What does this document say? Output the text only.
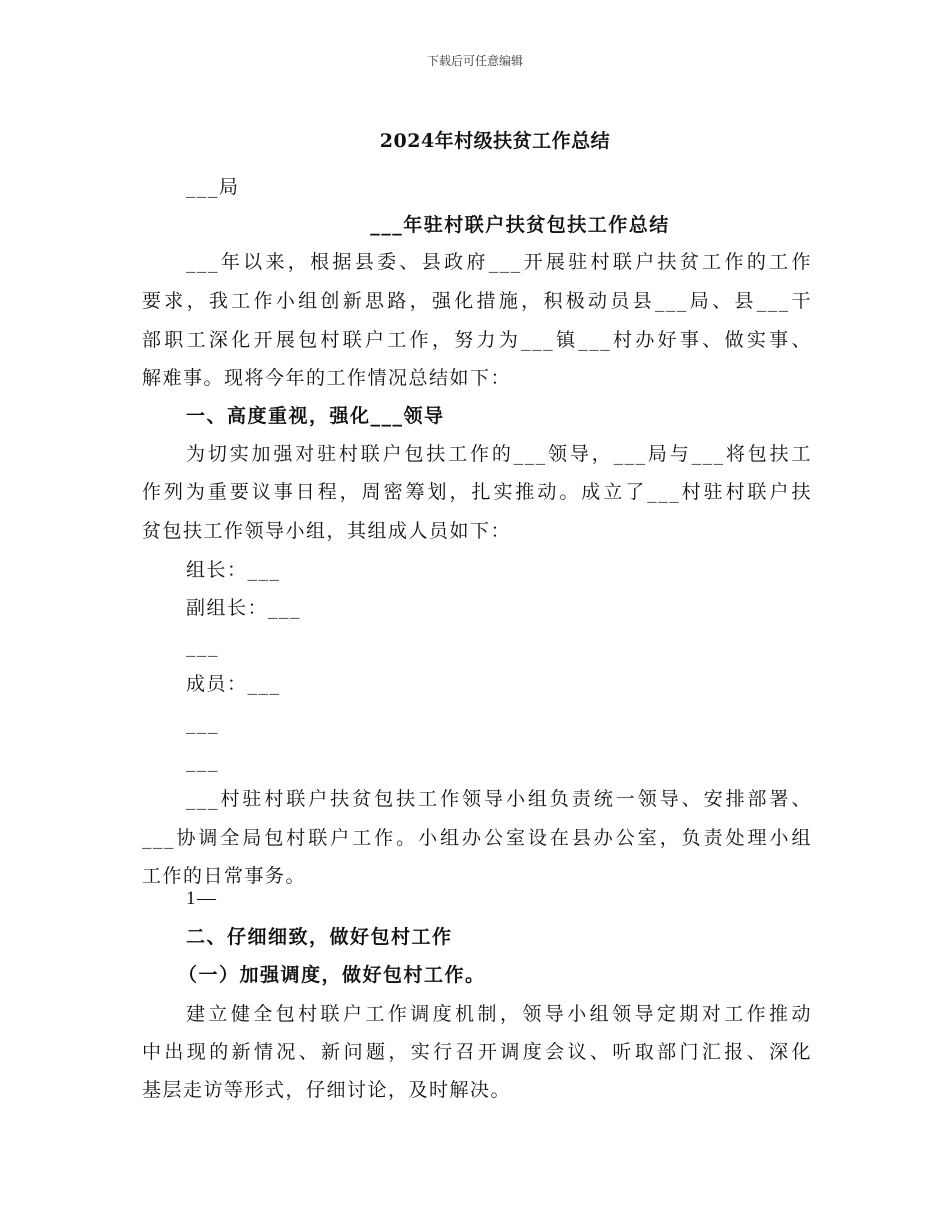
下载后可任意编辑
2024年村级扶贫工作总结
___局
___年驻村联户扶贫包扶工作总结
___年以来，根据县委、县政府___开展驻村联户扶贫工作的工作
要求，我工作小组创新思路，强化措施，积极动员县___局、县___干
部职工深化开展包村联户工作，努力为___镇___村办好事、做实事、
解难事。现将今年的工作情况总结如下：
一、高度重视，强化___领导
为切实加强对驻村联户包扶工作的___领导，___局与___将包扶工
作列为重要议事日程，周密筹划，扎实推动。成立了___村驻村联户扶
贫包扶工作领导小组，其组成人员如下：
组长：___
副组长：___
___
成员：___
___
___
___村驻村联户扶贫包扶工作领导小组负责统一领导、安排部署、
___协调全局包村联户工作。小组办公室设在县办公室，负责处理小组
工作的日常事务。
1—
二、仔细细致，做好包村工作
（一）加强调度，做好包村工作。
建立健全包村联户工作调度机制，领导小组领导定期对工作推动
中出现的新情况、新问题，实行召开调度会议、听取部门汇报、深化
基层走访等形式，仔细讨论，及时解决。
